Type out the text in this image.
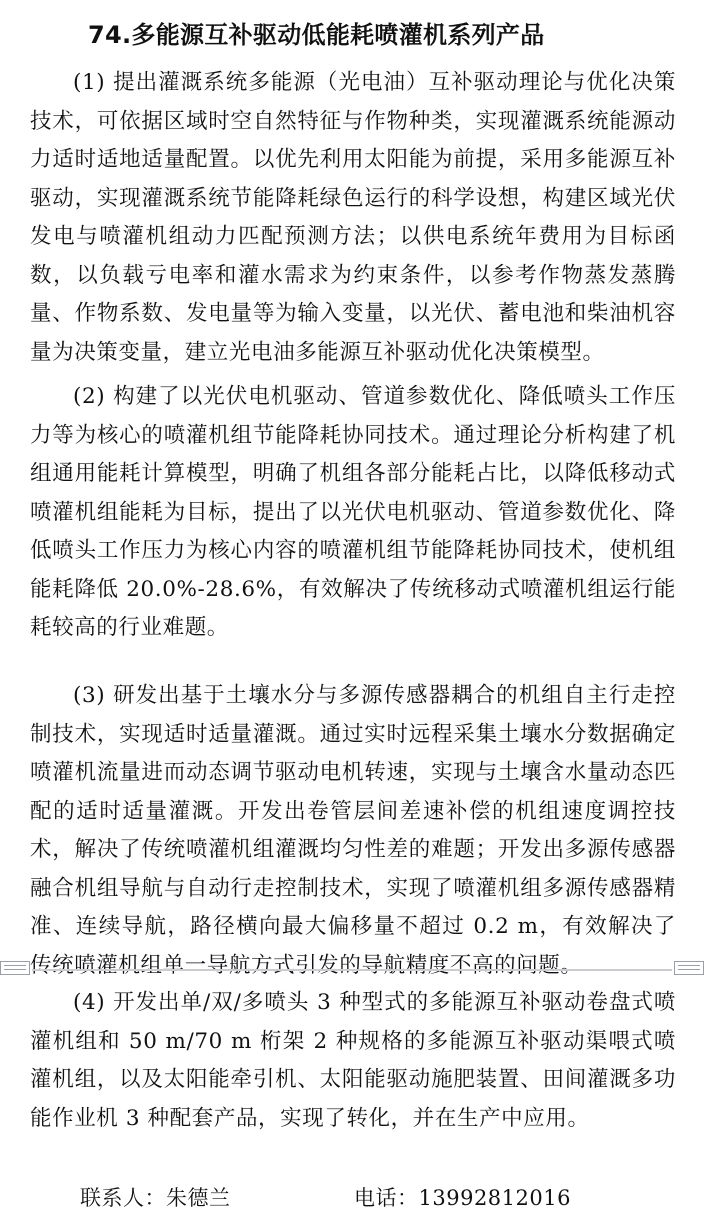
74.多能源互补驱动低能耗喷灌机系列产品

(1) 提出灌溉系统多能源（光电油）互补驱动理论与优化决策技术，可依据区域时空自然特征与作物种类，实现灌溉系统能源动力适时适地适量配置。以优先利用太阳能为前提，采用多能源互补驱动，实现灌溉系统节能降耗绿色运行的科学设想，构建区域光伏发电与喷灌机组动力匹配预测方法；以供电系统年费用为目标函数，以负载亏电率和灌水需求为约束条件，以参考作物蒸发蒸腾量、作物系数、发电量等为输入变量，以光伏、蓄电池和柴油机容量为决策变量，建立光电油多能源互补驱动优化决策模型。

(2) 构建了以光伏电机驱动、管道参数优化、降低喷头工作压力等为核心的喷灌机组节能降耗协同技术。通过理论分析构建了机组通用能耗计算模型，明确了机组各部分能耗占比，以降低移动式喷灌机组能耗为目标，提出了以光伏电机驱动、管道参数优化、降低喷头工作压力为核心内容的喷灌机组节能降耗协同技术，使机组能耗降低 20.0%-28.6%，有效解决了传统移动式喷灌机组运行能耗较高的行业难题。

(3) 研发出基于土壤水分与多源传感器耦合的机组自主行走控制技术，实现适时适量灌溉。通过实时远程采集土壤水分数据确定喷灌机流量进而动态调节驱动电机转速，实现与土壤含水量动态匹配的适时适量灌溉。开发出卷管层间差速补偿的机组速度调控技术，解决了传统喷灌机组灌溉均匀性差的难题；开发出多源传感器融合机组导航与自动行走控制技术，实现了喷灌机组多源传感器精准、连续导航，路径横向最大偏移量不超过 0.2 m，有效解决了传统喷灌机组单一导航方式引发的导航精度不高的问题。

(4) 开发出单/双/多喷头 3 种型式的多能源互补驱动卷盘式喷灌机组和 50 m/70 m 桁架 2 种规格的多能源互补驱动渠喂式喷灌机组，以及太阳能牵引机、太阳能驱动施肥装置、田间灌溉多功能作业机 3 种配套产品，实现了转化，并在生产中应用。

联系人：朱德兰	电话：13992812016
